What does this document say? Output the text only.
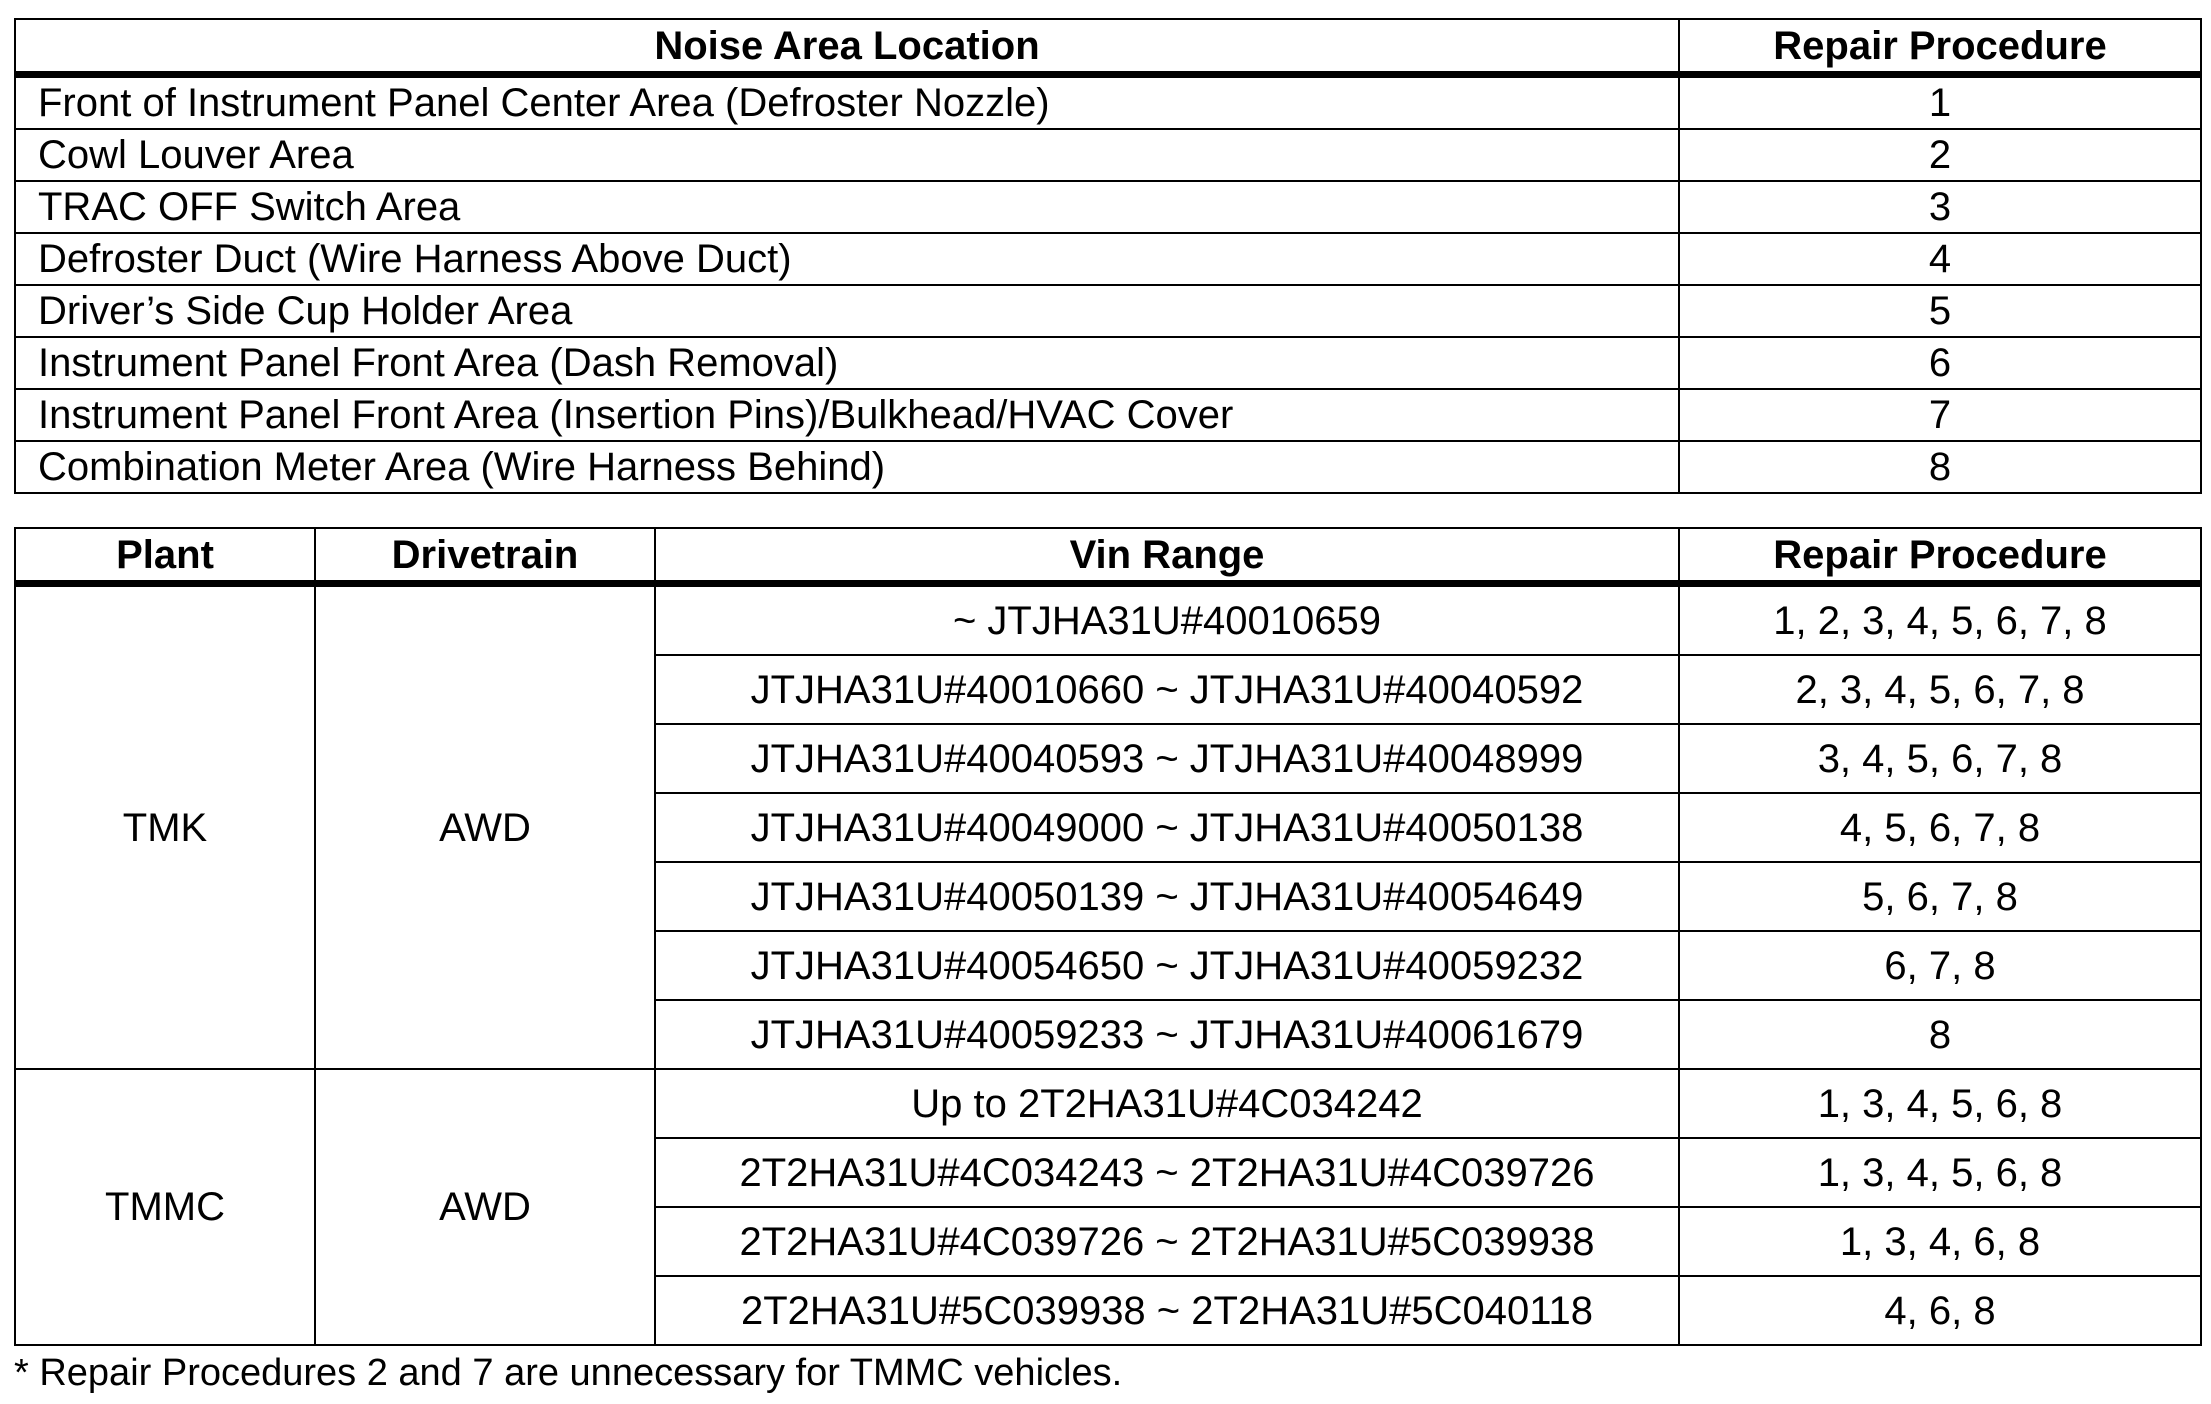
Noise Area Location	Repair Procedure
Front of Instrument Panel Center Area (Defroster Nozzle)	1
Cowl Louver Area	2
TRAC OFF Switch Area	3
Defroster Duct (Wire Harness Above Duct)	4
Driver’s Side Cup Holder Area	5
Instrument Panel Front Area (Dash Removal)	6
Instrument Panel Front Area (Insertion Pins)/Bulkhead/HVAC Cover	7
Combination Meter Area (Wire Harness Behind)	8
Plant	Drivetrain	Vin Range	Repair Procedure
TMK	AWD	~ JTJHA31U#40010659	1, 2, 3, 4, 5, 6, 7, 8
		JTJHA31U#40010660 ~ JTJHA31U#40040592	2, 3, 4, 5, 6, 7, 8
		JTJHA31U#40040593 ~ JTJHA31U#40048999	3, 4, 5, 6, 7, 8
		JTJHA31U#40049000 ~ JTJHA31U#40050138	4, 5, 6, 7, 8
		JTJHA31U#40050139 ~ JTJHA31U#40054649	5, 6, 7, 8
		JTJHA31U#40054650 ~ JTJHA31U#40059232	6, 7, 8
		JTJHA31U#40059233 ~ JTJHA31U#40061679	8
TMMC	AWD	Up to 2T2HA31U#4C034242	1, 3, 4, 5, 6, 8
		2T2HA31U#4C034243 ~ 2T2HA31U#4C039726	1, 3, 4, 5, 6, 8
		2T2HA31U#4C039726 ~ 2T2HA31U#5C039938	1, 3, 4, 6, 8
		2T2HA31U#5C039938 ~ 2T2HA31U#5C040118	4, 6, 8
* Repair Procedures 2 and 7 are unnecessary for TMMC vehicles.
